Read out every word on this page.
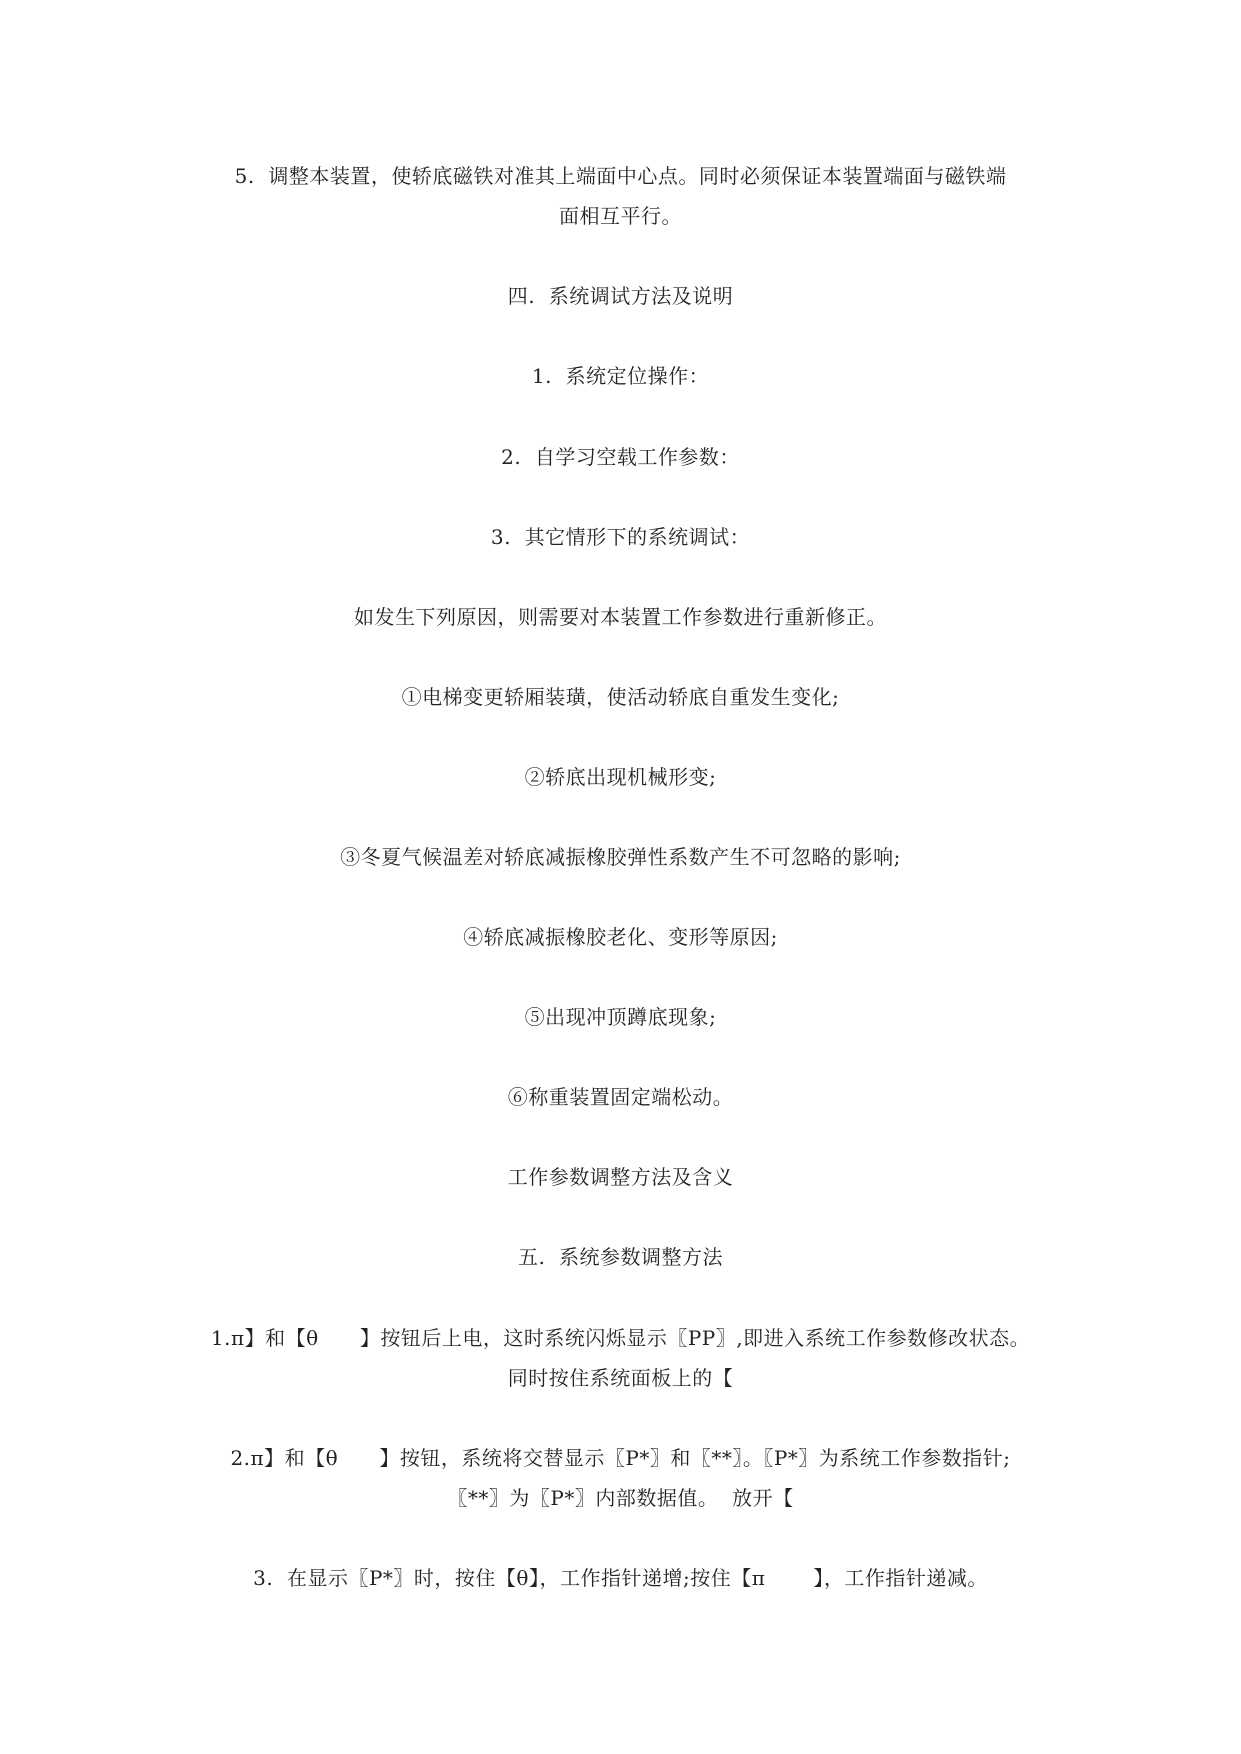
5.  调整本装置，使轿底磁铁对准其上端面中心点。同时必须保证本装置端面与磁铁端
面相互平行。
四.  系统调试方法及说明
1.  系统定位操作：
2.  自学习空载工作参数：
3.  其它情形下的系统调试：
如发生下列原因，则需要对本装置工作参数进行重新修正。
①电梯变更轿厢装璜，使活动轿底自重发生变化;
②轿底出现机械形变;
③冬夏气候温差对轿底减振橡胶弹性系数产生不可忽略的影响;
④轿底减振橡胶老化、变形等原因;
⑤出现冲顶蹲底现象;
⑥称重装置固定端松动。
工作参数调整方法及含义
五.  系统参数调整方法
1.π】和【θ      】按钮后上电，这时系统闪烁显示〖PP〗,即进入系统工作参数修改状态。
同时按住系统面板上的【
2.π】和【θ      】按钮，系统将交替显示〖P*〗和〖**〗。〖P*〗为系统工作参数指针;
〖**〗为〖P*〗内部数据值。  放开【
3.  在显示〖P*〗时，按住【θ】，工作指针递增;按住【π       】，工作指针递减。
